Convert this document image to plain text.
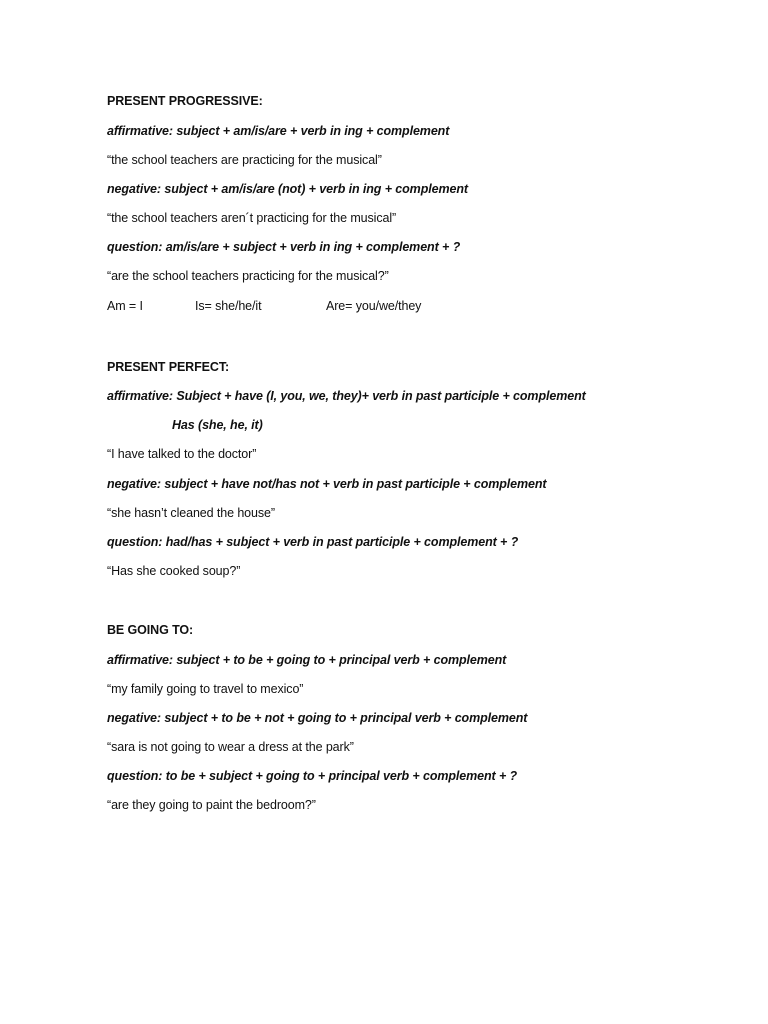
PRESENT PROGRESSIVE:
affirmative: subject + am/is/are + verb in ing + complement
“the school teachers are practicing for the musical”
negative: subject + am/is/are (not) + verb in ing + complement
“the school teachers aren´t practicing for the musical”
question: am/is/are + subject + verb in ing + complement + ?
“are the school teachers practicing for the musical?”
Am = I	Is= she/he/it	Are= you/we/they
PRESENT PERFECT:
affirmative: Subject + have (I, you, we, they)+ verb in past participle + complement
Has (she, he, it)
“I have talked to the doctor”
negative: subject + have not/has not + verb in past participle + complement
“she hasn’t cleaned the house”
question: had/has + subject + verb in past participle + complement + ?
“Has she cooked soup?”
BE GOING TO:
affirmative: subject + to be + going to + principal verb + complement
“my family going to travel to mexico”
negative: subject + to be + not + going to + principal verb + complement
“sara is not going to wear a dress at the park”
question: to be + subject + going to + principal verb + complement + ?
“are they going to paint the bedroom?”
